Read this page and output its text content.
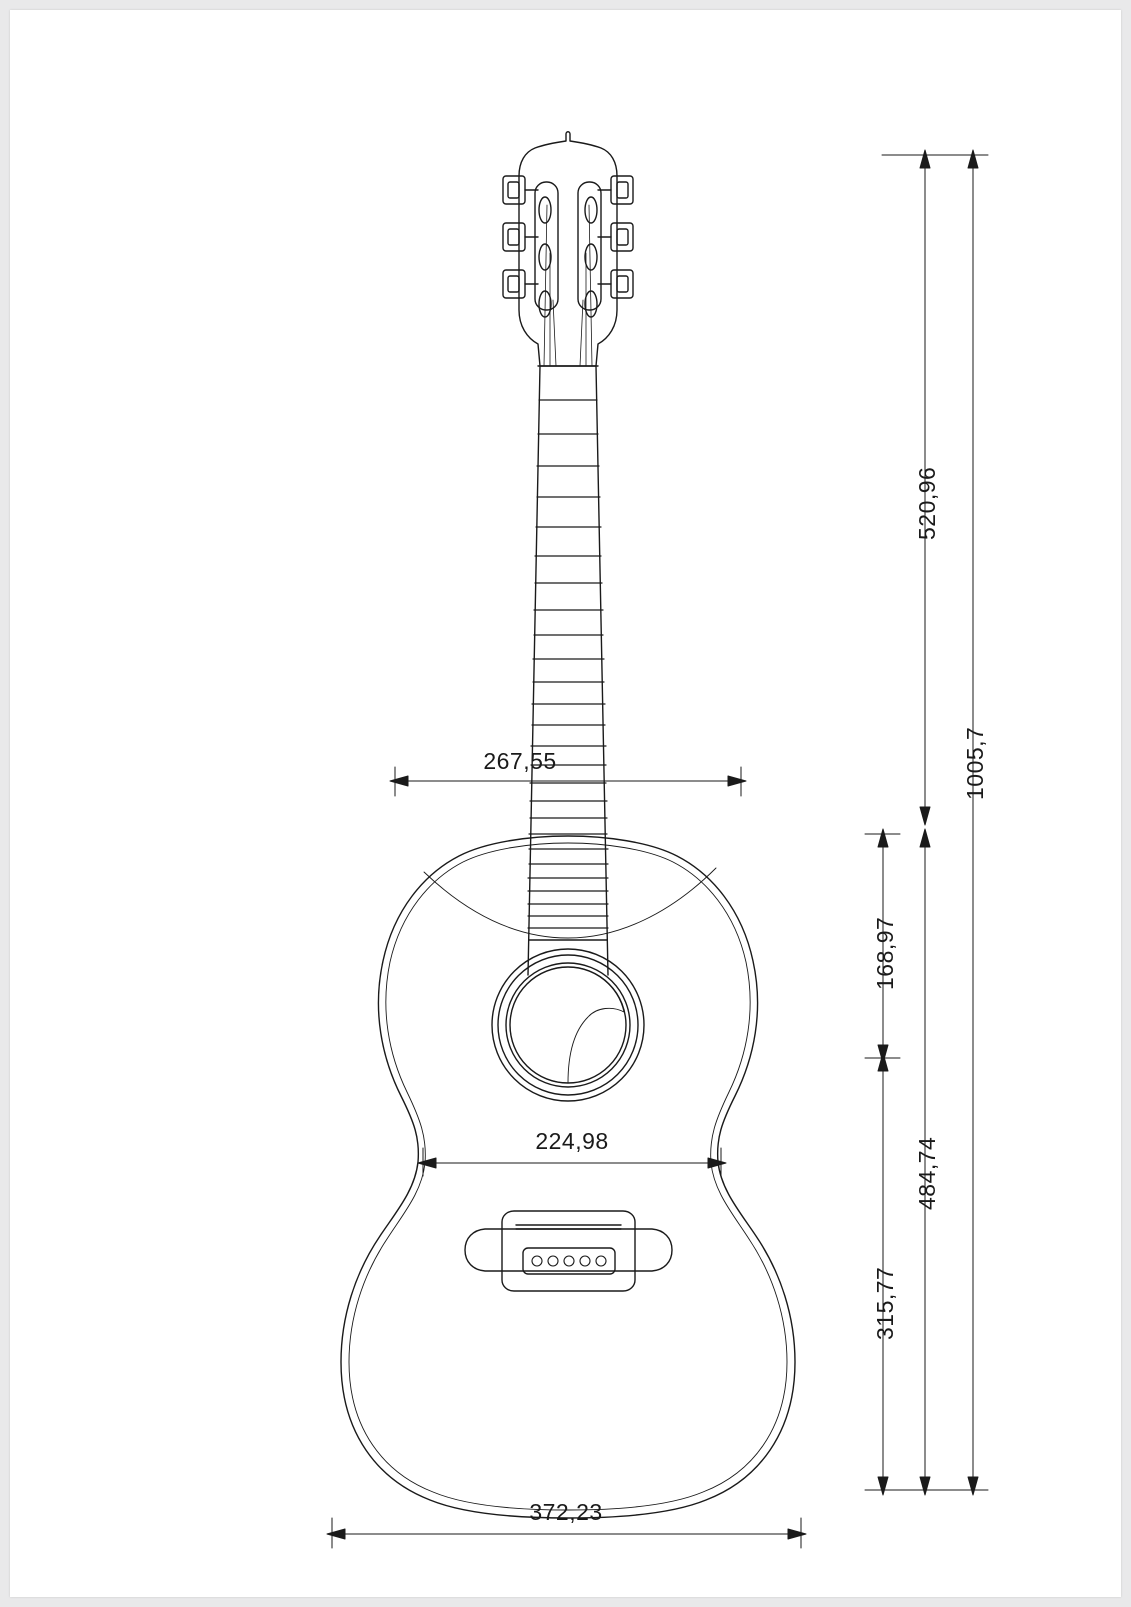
1005,7
520,96
168,97
484,74
315,77
267,55
224,98
372,23
